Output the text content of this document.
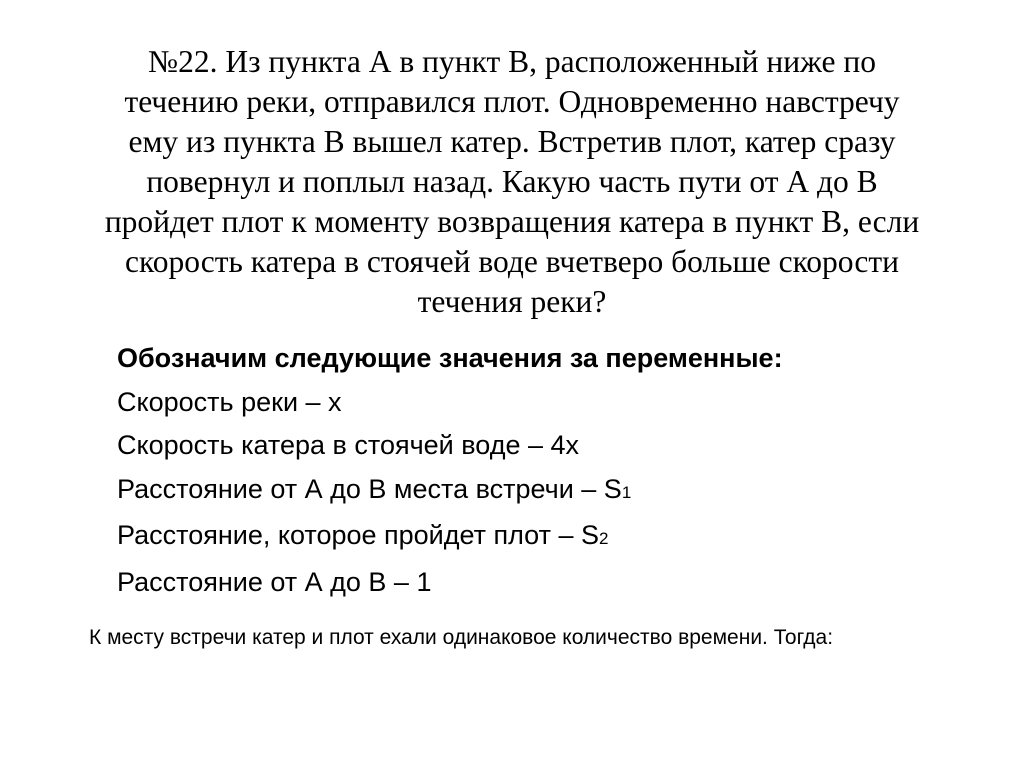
№22. Из пункта А в пункт В, расположенный ниже по
течению реки, отправился плот. Одновременно навстречу
ему из пункта В вышел катер. Встретив плот, катер сразу
повернул и поплыл назад. Какую часть пути от А до В
пройдет плот к моменту возвращения катера в пункт В, если
скорость катера в стоячей воде вчетверо больше скорости
течения реки?

Обозначим следующие значения за переменные:
Скорость реки – х
Скорость катера в стоячей воде – 4х
Расстояние от А до В места встречи – S1
Расстояние, которое пройдет плот – S2
Расстояние от А до В – 1

К месту встречи катер и плот ехали одинаковое количество времени. Тогда:
